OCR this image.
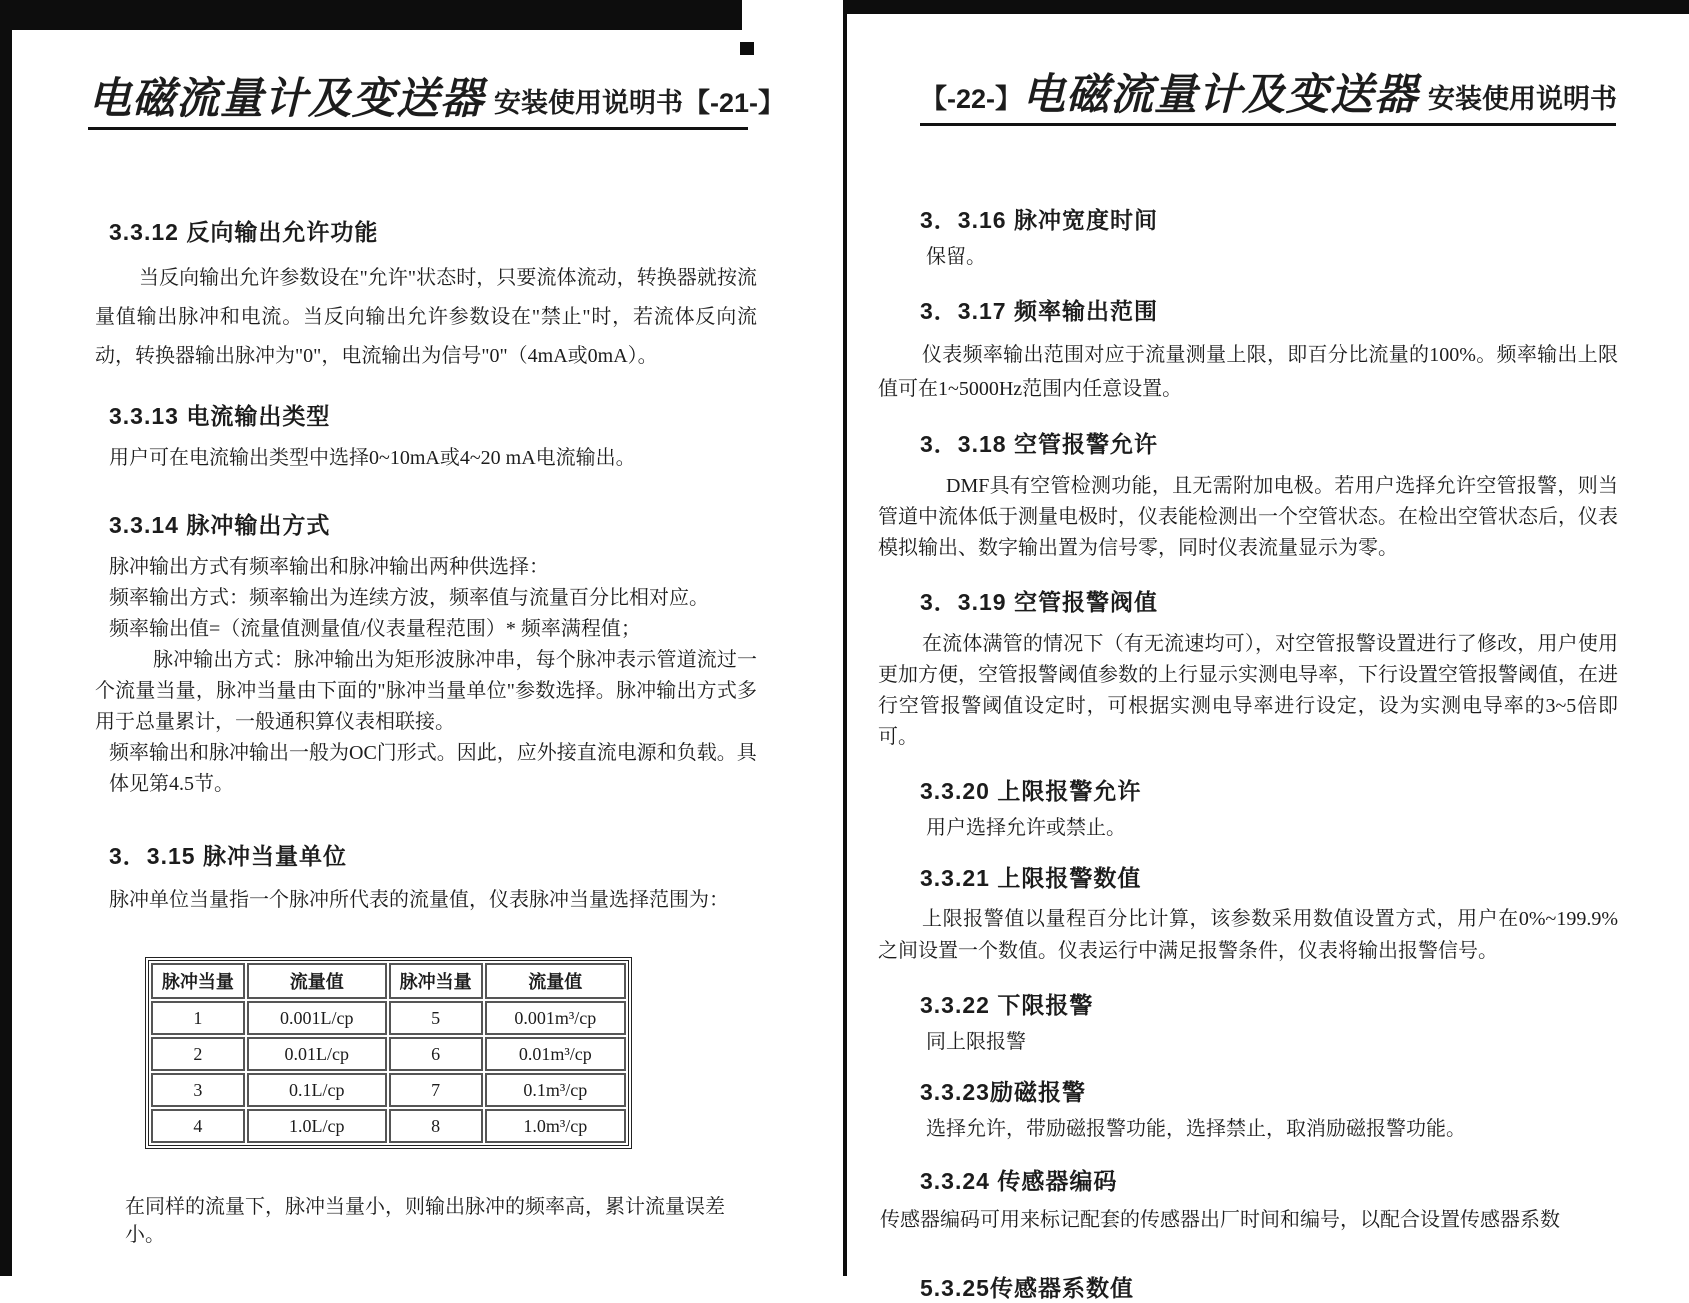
电磁流量计及变送器 安装使用说明书 【-21-】
3.3.12 反向输出允许功能

当反向输出允许参数设在"允许"状态时，只要流体流动，转换器就按流量值输出脉冲和电流。当反向输出允许参数设在"禁止"时，若流体反向流动，转换器输出脉冲为"0"，电流输出为信号"0"（4mA或0mA）。

3.3.13 电流输出类型

用户可在电流输出类型中选择0~10mA或4~20 mA电流输出。

3.3.14 脉冲输出方式

脉冲输出方式有频率输出和脉冲输出两种供选择：

频率输出方式：频率输出为连续方波，频率值与流量百分比相对应。

频率输出值=（流量值测量值/仪表量程范围）* 频率满程值；

脉冲输出方式：脉冲输出为矩形波脉冲串，每个脉冲表示管道流过一个流量当量，脉冲当量由下面的"脉冲当量单位"参数选择。脉冲输出方式多用于总量累计，一般通积算仪表相联接。

频率输出和脉冲输出一般为OC门形式。因此，应外接直流电源和负载。具体见第4.5节。

3．3.15 脉冲当量单位

脉冲单位当量指一个脉冲所代表的流量值，仪表脉冲当量选择范围为：

脉冲当量	流量值	脉冲当量	流量值
1	0.001L/cp	5	0.001m³/cp
2	0.01L/cp	6	0.01m³/cp
3	0.1L/cp	7	0.1m³/cp
4	1.0L/cp	8	1.0m³/cp

在同样的流量下，脉冲当量小，则输出脉冲的频率高，累计流量误差小。

【-22-】 电磁流量计及变送器 安装使用说明书
3．3.16 脉冲宽度时间

保留。

3．3.17 频率输出范围

仪表频率输出范围对应于流量测量上限，即百分比流量的100%。频率输出上限值可在1~5000Hz范围内任意设置。

3．3.18 空管报警允许

DMF具有空管检测功能，且无需附加电极。若用户选择允许空管报警，则当管道中流体低于测量电极时，仪表能检测出一个空管状态。在检出空管状态后，仪表模拟输出、数字输出置为信号零，同时仪表流量显示为零。

3．3.19 空管报警阀值

在流体满管的情况下（有无流速均可），对空管报警设置进行了修改，用户使用更加方便，空管报警阈值参数的上行显示实测电导率，下行设置空管报警阈值，在进行空管报警阈值设定时，可根据实测电导率进行设定，设为实测电导率的3~5倍即可。

3.3.20 上限报警允许

用户选择允许或禁止。

3.3.21 上限报警数值

上限报警值以量程百分比计算，该参数采用数值设置方式，用户在0%~199.9%之间设置一个数值。仪表运行中满足报警条件，仪表将输出报警信号。

3.3.22 下限报警

同上限报警

3.3.23励磁报警

选择允许，带励磁报警功能，选择禁止，取消励磁报警功能。

3.3.24 传感器编码

传感器编码可用来标记配套的传感器出厂时间和编号，以配合设置传感器系数

5.3.25传感器系数值
